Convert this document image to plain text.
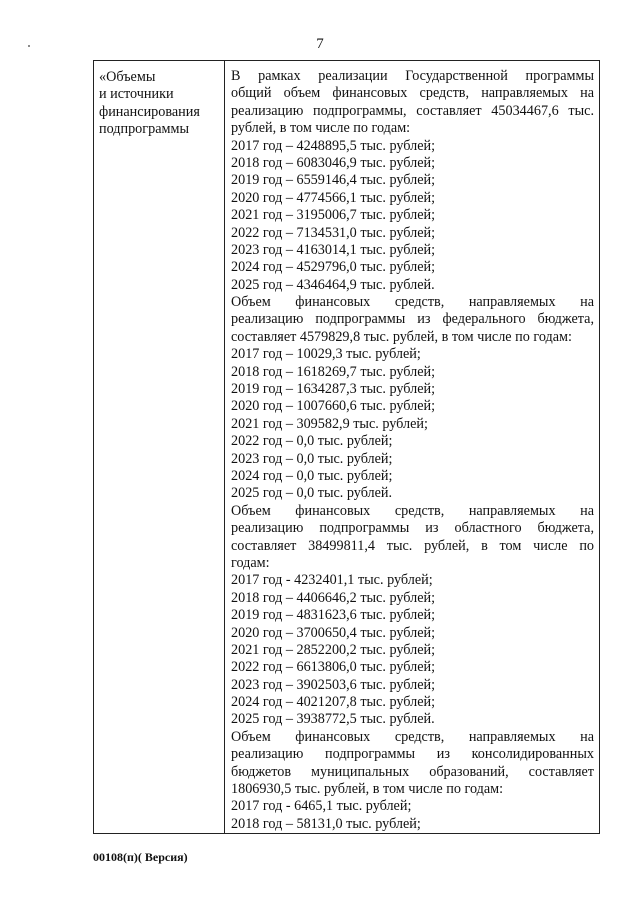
7
«Объемы
и источники
финансирования
подпрограммы
В рамках реализации Государственной программы
общий объем финансовых средств, направляемых на
реализацию подпрограммы, составляет 45034467,6 тыс.
рублей, в том числе по годам:
2017 год – 4248895,5 тыс. рублей;
2018 год – 6083046,9 тыс. рублей;
2019 год – 6559146,4 тыс. рублей;
2020 год – 4774566,1 тыс. рублей;
2021 год – 3195006,7 тыс. рублей;
2022 год – 7134531,0 тыс. рублей;
2023 год – 4163014,1 тыс. рублей;
2024 год – 4529796,0 тыс. рублей;
2025 год – 4346464,9 тыс. рублей.
Объем финансовых средств, направляемых на
реализацию подпрограммы из федерального бюджета,
составляет 4579829,8 тыс. рублей, в том числе по годам:
2017 год – 10029,3 тыс. рублей;
2018 год – 1618269,7 тыс. рублей;
2019 год – 1634287,3 тыс. рублей;
2020 год – 1007660,6 тыс. рублей;
2021 год – 309582,9 тыс. рублей;
2022 год – 0,0 тыс. рублей;
2023 год – 0,0 тыс. рублей;
2024 год – 0,0 тыс. рублей;
2025 год – 0,0 тыс. рублей.
Объем финансовых средств, направляемых на
реализацию подпрограммы из областного бюджета,
составляет 38499811,4 тыс. рублей, в том числе по
годам:
2017 год - 4232401,1 тыс. рублей;
2018 год – 4406646,2 тыс. рублей;
2019 год – 4831623,6 тыс. рублей;
2020 год – 3700650,4 тыс. рублей;
2021 год – 2852200,2 тыс. рублей;
2022 год – 6613806,0 тыс. рублей;
2023 год – 3902503,6 тыс. рублей;
2024 год – 4021207,8 тыс. рублей;
2025 год – 3938772,5 тыс. рублей.
Объем финансовых средств, направляемых на
реализацию подпрограммы из консолидированных
бюджетов муниципальных образований, составляет
1806930,5 тыс. рублей, в том числе по годам:
2017 год - 6465,1 тыс. рублей;
2018 год – 58131,0 тыс. рублей;
00108(п)( Версия)
